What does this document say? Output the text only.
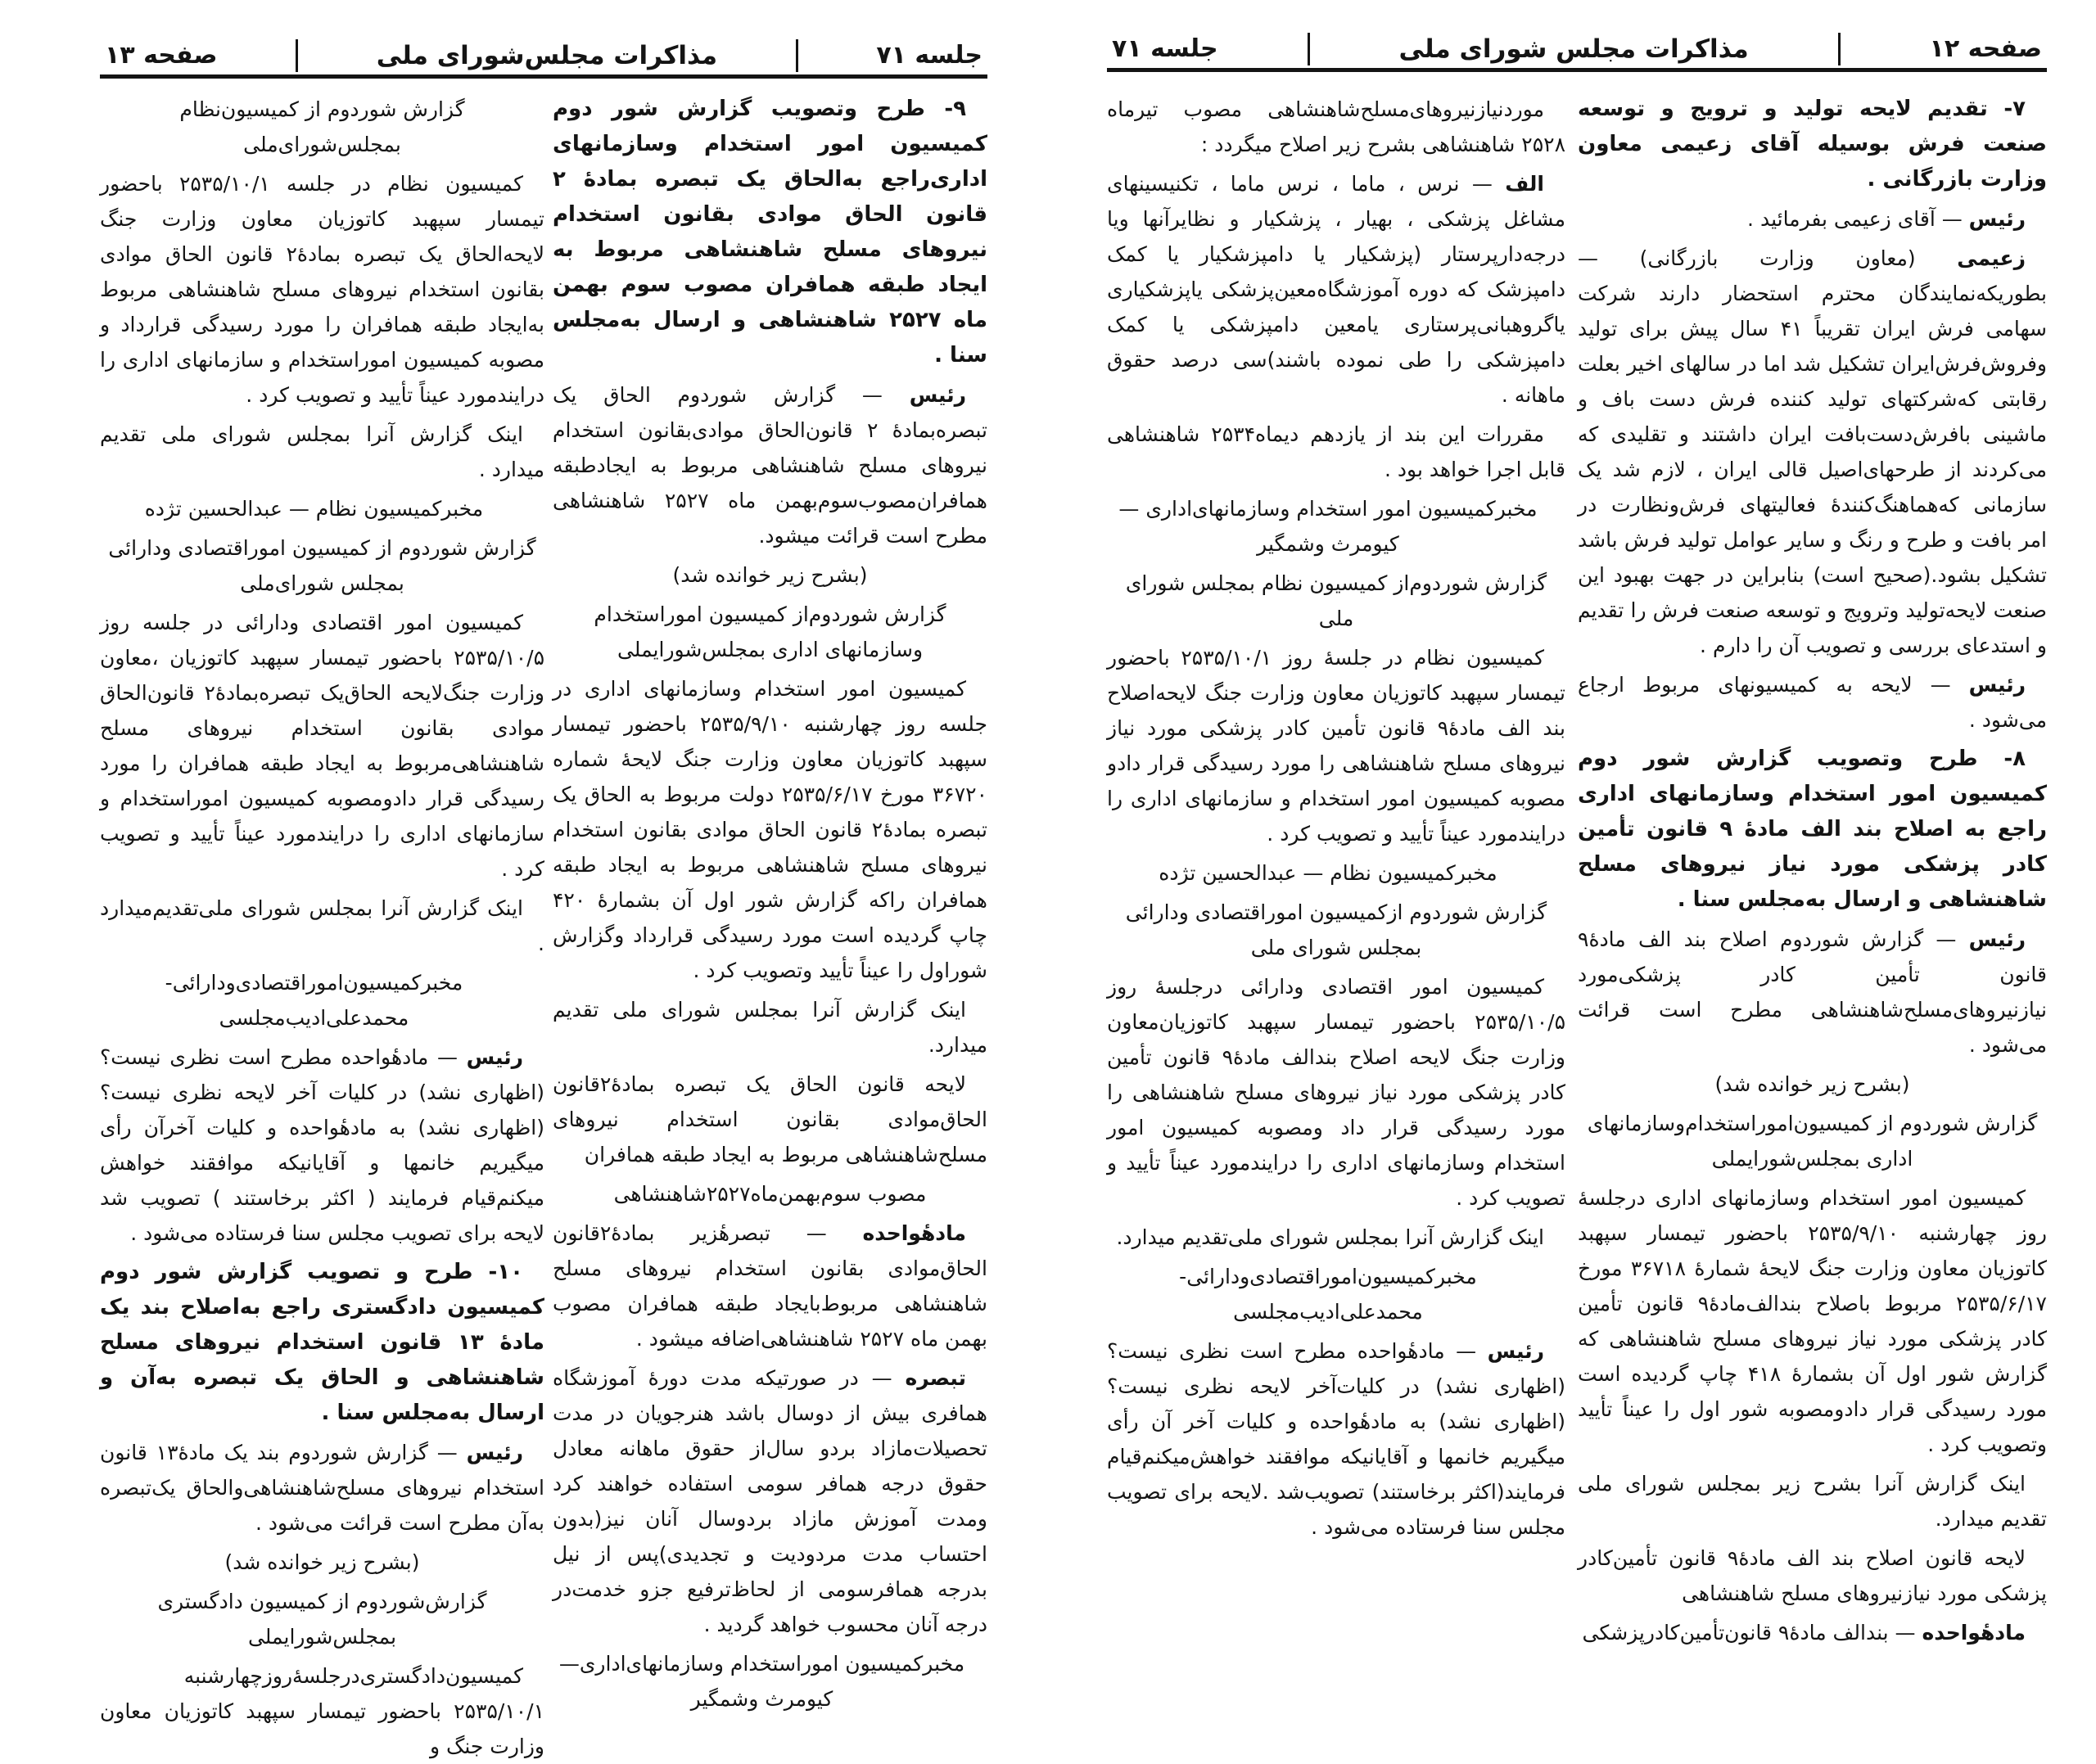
جلسه ۷۱
مذاکرات مجلس‌شورای ملی
صفحه ۱۳

۹- طرح وتصویب گزارش شور دوم کمیسیون امور استخدام وسازمانهای اداری‌راجع به‌الحاق یک تبصره بمادهٔ ۲ قانون الحاق موادی بقانون استخدام نیروهای مسلح شاهنشاهی مربوط به ایجاد طبقه همافران مصوب سوم بهمن ماه ۲۵۲۷ شاهنشاهی و ارسال به‌مجلس سنا .

رئیس — گزارش شوردوم الحاق یک تبصره‌بمادهٔ ۲ قانون‌الحاق موادی‌بقانون استخدام نیروهای مسلح شاهنشاهی مربوط به ایجادطبقه همافران‌مصوب‌سوم‌بهمن ماه ۲۵۲۷ شاهنشاهی مطرح است قرائت میشود.

(بشرح زیر خوانده شد)

گزارش شوردوم‌از کمیسیون اموراستخدام وسازمانهای اداری بمجلس‌شورایملی

کمیسیون امور استخدام وسازمانهای اداری در جلسه روز چهارشنبه ۲۵۳۵/۹/۱۰ باحضور تیمسار سپهبد کاتوزیان معاون وزارت جنگ لایحهٔ شماره ۳۶۷۲۰ مورخ ۲۵۳۵/۶/۱۷ دولت مربوط به الحاق یک تبصره بمادهٔ۲ قانون الحاق موادی بقانون استخدام نیروهای مسلح شاهنشاهی مربوط به ایجاد طبقه همافران راکه گزارش شور اول آن بشمارهٔ ۴۲۰ چاپ گردیده است مورد رسیدگی قرارداد وگزارش شوراول را عیناً تأیید وتصویب کرد .

اینک گزارش آنرا بمجلس شورای ملی تقدیم میدارد.

لایحه قانون الحاق یک تبصره بمادهٔ۲قانون الحاق‌موادی بقانون استخدام نیروهای مسلح‌شاهنشاهی مربوط به ایجاد طبقه همافران

مصوب سوم‌بهمن‌ماه۲۵۲۷شاهنشاهی

مادهٔواحده — تبصرهٔزیر بمادهٔ۲قانون الحاق‌موادی بقانون استخدام نیروهای مسلح شاهنشاهی مربوط‌بایجاد طبقه همافران مصوب بهمن ماه ۲۵۲۷ شاهنشاهی‌اضافه میشود .

تبصره — در صورتیکه مدت دورهٔ آموزشگاه همافری بیش از دوسال باشد هنرجویان در مدت تحصیلات‌مازاد بردو سال‌از حقوق ماهانه معادل حقوق درجه همافر سومی استفاده خواهند کرد ومدت آموزش مازاد بردوسال آنان نیز(بدون احتساب مدت مردودیت و تجدیدی)پس از نیل بدرجه همافرسومی از لحاظ‌ترفیع جزو خدمت‌در درجه آنان محسوب خواهد گردید .

مخبرکمیسیون اموراستخدام وسازمانهای‌اداری— کیومرث وشمگیر

گزارش شوردوم از کمیسیون‌نظام بمجلس‌شورای‌ملی

کمیسیون نظام در جلسه ۲۵۳۵/۱۰/۱ باحضور تیمسار سپهبد کاتوزیان معاون وزارت جنگ لایحه‌الحاق یک تبصره بمادهٔ۲ قانون الحاق موادی بقانون استخدام نیروهای مسلح شاهنشاهی مربوط به‌ایجاد طبقه همافران را مورد رسیدگی قرارداد و مصوبه کمیسیون اموراستخدام و سازمانهای اداری را درایندمورد عیناً تأیید و تصویب کرد .

اینک گزارش آنرا بمجلس شورای ملی تقدیم میدارد .

مخبرکمیسیون نظام — عبدالحسین تژده

گزارش شوردوم از کمیسیون اموراقتصادی ودارائی بمجلس شورای‌ملی

کمیسیون امور اقتصادی ودارائی در جلسه روز ۲۵۳۵/۱۰/۵ باحضور تیمسار سپهبد کاتوزیان ،معاون وزارت جنگ‌لایحه الحاق‌یک تبصره‌بمادهٔ۲ قانون‌الحاق موادی بقانون استخدام نیروهای مسلح شاهنشاهی‌مربوط به ایجاد طبقه همافران را مورد رسیدگی قرار داد‌ومصوبه کمیسیون اموراستخدام و سازمانهای اداری را درایندمورد عیناً تأیید و تصویب کرد .

اینک گزارش آنرا بمجلس شورای ملی‌تقدیم‌میدارد .

مخبرکمیسیون‌اموراقتصادی‌ودارائی-محمدعلی‌ادیب‌مجلسی

رئیس — مادهٔواحده مطرح است نظری نیست؟ (اظهاری نشد) در کلیات آخر لایحه نظری نیست؟ (اظهاری نشد) به مادهٔواحده و کلیات آخرآن رأی میگیریم خانمها و آقایانیکه موافقند خواهش میکنم‌قیام فرمایند ( اکثر برخاستند ) تصویب شد لایحه برای تصویب مجلس سنا فرستاده می‌شود .

۱۰- طرح و تصویب گزارش شور دوم کمیسیون دادگستری راجع به‌اصلاح بند یک مادهٔ ۱۳ قانون استخدام نیروهای مسلح شاهنشاهی و الحاق یک تبصره به‌آن و ارسال به‌مجلس سنا .

رئیس — گزارش شوردوم بند یک مادهٔ۱۳ قانون استخدام نیروهای مسلح‌شاهنشاهی‌والحاق یک‌تبصره به‌آن مطرح است قرائت می‌شود .

(بشرح زیر خوانده شد)

گزارش‌شوردوم از کمیسیون دادگستری بمجلس‌شورایملی

کمیسیون‌دادگستری‌درجلسهٔ‌روزچهارشنبه ۲۵۳۵/۱۰/۱ باحضور تیمسار سپهبد کاتوزیان معاون وزارت جنگ و

صفحه ۱۲
مذاکرات مجلس شورای ملی
جلسه ۷۱

۷- تقدیم لایحه تولید و ترویج و توسعه صنعت فرش بوسیله آقای زعیمی معاون وزارت بازرگانی .

رئیس — آقای زعیمی بفرمائید .

زعیمی (معاون وزارت بازرگانی) — بطوریکه‌نمایندگان محترم استحضار دارند شرکت سهامی فرش ایران تقریباً ۴۱ سال پیش برای تولید وفروش‌فرش‌ایران تشکیل شد اما در سالهای اخیر بعلت رقابتی که‌شرکتهای تولید کننده فرش دست باف و ماشینی بافرش‌دست‌بافت ایران داشتند و تقلیدی که می‌کردند از طرحهای‌اصیل قالی ایران ، لازم شد یک سازمانی که‌هماهنگ‌کنندهٔ فعالیتهای فرش‌ونظارت در امر بافت و طرح و رنگ و سایر عوامل تولید فرش باشد تشکیل بشود.(صحیح است) بنابراین در جهت بهبود این صنعت لایحه‌تولید وترویج و توسعه صنعت فرش را تقدیم و استدعای بررسی و تصویب آن را دارم .

رئیس — لایحه به کمیسیونهای مربوط ارجاع می‌شود .

۸- طرح وتصویب گزارش شور دوم کمیسیون امور استخدام وسازمانهای اداری راجع به اصلاح بند الف مادهٔ ۹ قانون تأمین کادر پزشکی مورد نیاز نیروهای مسلح شاهنشاهی و ارسال به‌مجلس سنا .

رئیس — گزارش شوردوم اصلاح بند الف مادهٔ۹ قانون تأمین کادر پزشکی‌مورد نیازنیروهای‌مسلح‌شاهنشاهی مطرح است قرائت می‌شود .

(بشرح زیر خوانده شد)

گزارش شوردوم از کمیسیون‌اموراستخدام‌وسازمانهای اداری بمجلس‌شورایملی

کمیسیون امور استخدام وسازمانهای اداری درجلسهٔ روز چهارشنبه ۲۵۳۵/۹/۱۰ باحضور تیمسار سپهبد کاتوزیان معاون وزارت جنگ لایحهٔ شمارهٔ ۳۶۷۱۸ مورخ ۲۵۳۵/۶/۱۷ مربوط باصلاح بندالف‌مادهٔ۹ قانون تأمین کادر پزشکی مورد نیاز نیروهای مسلح شاهنشاهی که گزارش شور اول آن بشمارهٔ ۴۱۸ چاپ گردیده است مورد رسیدگی قرار داد‌ومصوبه شور اول را عیناً تأیید وتصویب کرد .

اینک گزارش آنرا بشرح زیر بمجلس شورای ملی تقدیم میدارد.

لایحه قانون اصلاح بند الف مادهٔ۹ قانون تأمین‌کادر پزشکی مورد نیازنیروهای مسلح شاهنشاهی

مادهٔواحده — بندالف مادهٔ۹ قانون‌تأمین‌کادرپزشکی

موردنیازنیروهای‌مسلح‌شاهنشاهی مصوب تیرماه ۲۵۲۸ شاهنشاهی بشرح زیر اصلاح میگردد :

الف — نرس ، ماما ، نرس ماما ، تکنیسینهای مشاغل پزشکی ، بهیار ، پزشکیار و نظایرآنها ویا درجه‌دارپرستار (پزشکیار یا دامپزشکیار یا کمک دامپزشک که دوره آموزشگاه‌معین‌پزشکی یاپزشکیاری یاگروهبانی‌پرستاری یامعین دامپزشکی یا کمک دامپزشکی را طی نموده باشند)سی درصد حقوق ماهانه .

مقررات این بند از یازدهم دیماه۲۵۳۴ شاهنشاهی قابل اجرا خواهد بود .

مخبرکمیسیون امور استخدام وسازمانهای‌اداری — کیومرث وشمگیر

گزارش شوردوم‌از کمیسیون نظام بمجلس شورای ملی

کمیسیون نظام در جلسهٔ روز ۲۵۳۵/۱۰/۱ باحضور تیمسار سپهبد کاتوزیان معاون وزارت جنگ لایحه‌اصلاح بند الف مادهٔ۹ قانون تأمین کادر پزشکی مورد نیاز نیروهای مسلح شاهنشاهی را مورد رسیدگی قرار دادو مصوبه کمیسیون امور استخدام و سازمانهای اداری را درایندمورد عیناً تأیید و تصویب کرد .

مخبرکمیسیون نظام — عبدالحسین تژده

گزارش شوردوم ازکمیسیون اموراقتصادی ودارائی بمجلس شورای ملی

کمیسیون امور اقتصادی ودارائی درجلسهٔ روز ۲۵۳۵/۱۰/۵ باحضور تیمسار سپهبد کاتوزیان‌معاون وزارت جنگ لایحه اصلاح بندالف مادهٔ۹ قانون تأمین کادر پزشکی مورد نیاز نیروهای مسلح شاهنشاهی را مورد رسیدگی قرار داد ومصوبه کمیسیون امور استخدام وسازمانهای اداری را درایندمورد عیناً تأیید و تصویب کرد .

اینک گزارش آنرا بمجلس شورای ملی‌تقدیم میدارد.

مخبرکمیسیون‌اموراقتصادی‌ودارائی-محمدعلی‌ادیب‌مجلسی

رئیس — مادهٔواحده مطرح است نظری نیست؟ (اظهاری نشد) در کلیات‌آخر لایحه نظری نیست؟ (اظهاری نشد) به مادهٔواحده و کلیات آخر آن رأی میگیریم خانمها و آقایانیکه موافقند خواهش‌میکنم‌قیام فرمایند(اکثر برخاستند) تصویب‌شد .لایحه برای تصویب مجلس سنا فرستاده می‌شود .
